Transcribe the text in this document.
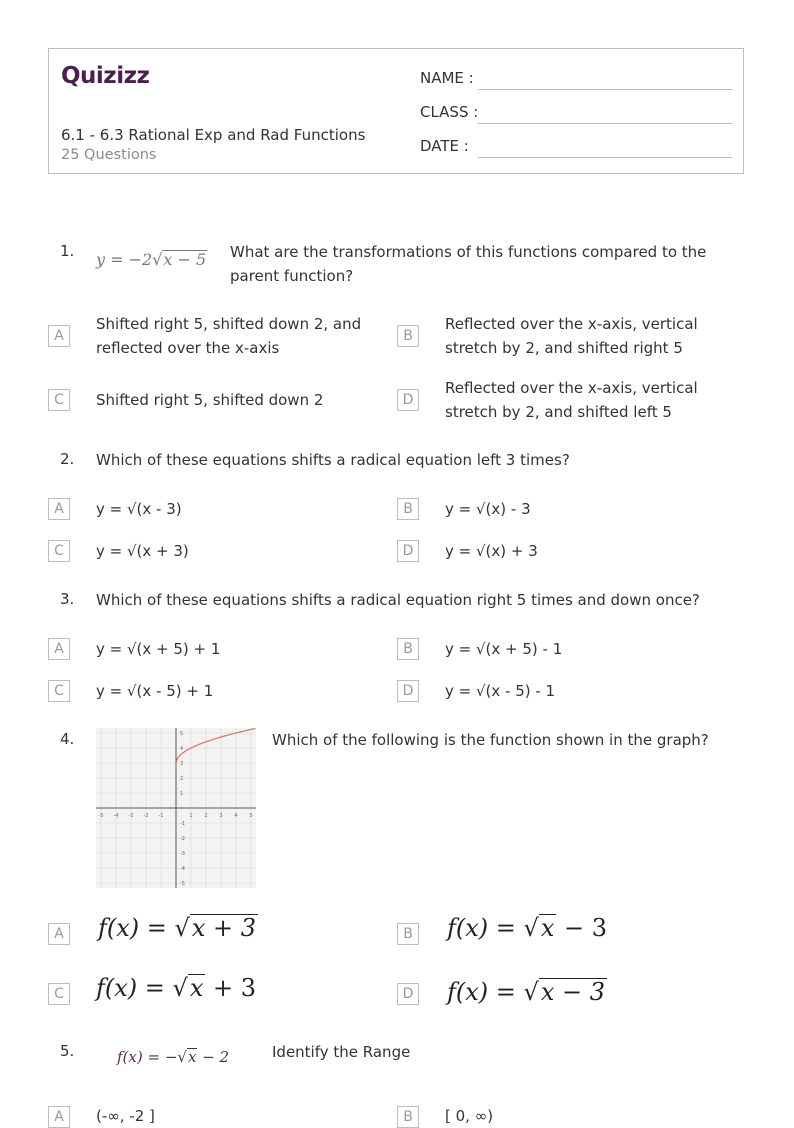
Quizizz
6.1 - 6.3 Rational Exp and Rad Functions
25 Questions
NAME :
CLASS :
DATE :
1. y = −2√x − 5 What are the transformations of this functions compared to the parent function?
A
Shifted right 5, shifted down 2, and reflected over the x-axis
B
Reflected over the x-axis, vertical stretch by 2, and shifted right 5
C	Shifted right 5, shifted down 2	D
Reflected over the x-axis, vertical stretch by 2, and shifted left 5
2. Which of these equations shifts a radical equation left 3 times?
A	y = √(x - 3)	B	y = √(x) - 3
C	y = √(x + 3)	D	y = √(x) + 3
3. Which of these equations shifts a radical equation right 5 times and down once?
A	y = √(x + 5) + 1	B	y = √(x + 5) - 1
C	y = √(x - 5) + 1	D	y = √(x - 5) - 1
4.
-5 -4 -3 -2 -1	1 2 3 4 5
5
4
3
2
1
-1
-2
-3
-4
-5
Which of the following is the function shown in the graph?
A f(x) = √x + 3	B f(x) = √x − 3
C f(x) = √x + 3	D f(x) = √x − 3
5.	f(x) = −√x − 2	Identify the Range
A	(-∞, -2 ]	B	[ 0, ∞)
